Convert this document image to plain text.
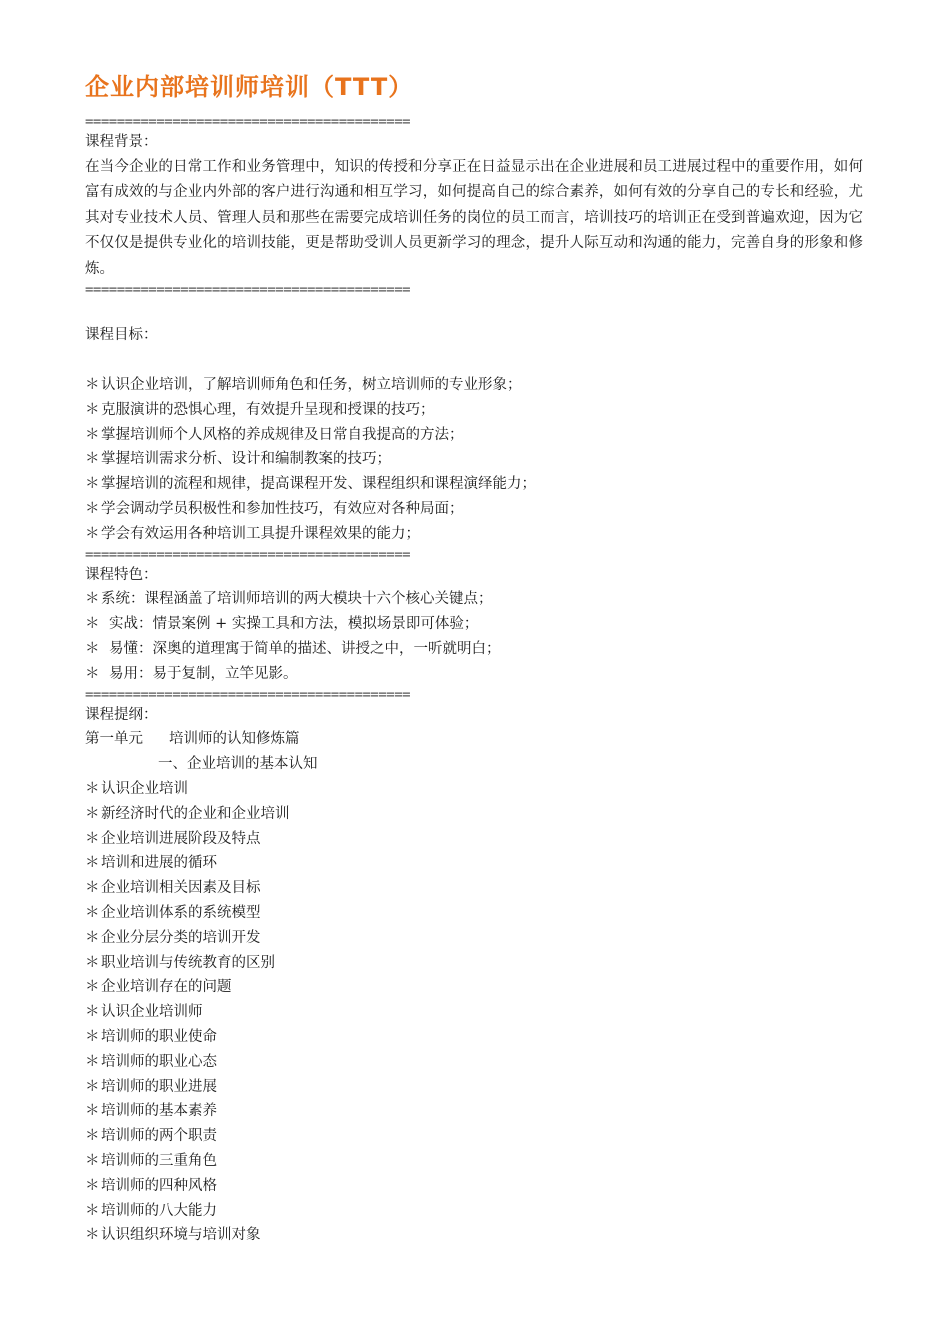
企业内部培训师培训（TTT）
=========================================
课程背景：
在当今企业的日常工作和业务管理中，知识的传授和分享正在日益显示出在企业进展和员工进展过程中的重要作用，如何富有成效的与企业内外部的客户进行沟通和相互学习，如何提高自己的综合素养，如何有效的分享自己的专长和经验，尤其对专业技术人员、管理人员和那些在需要完成培训任务的岗位的员工而言，培训技巧的培训正在受到普遍欢迎，因为它不仅仅是提供专业化的培训技能，更是帮助受训人员更新学习的理念，提升人际互动和沟通的能力，完善自身的形象和修炼。
=========================================
课程目标：
＊ 认识企业培训，了解培训师角色和任务，树立培训师的专业形象；
＊ 克服演讲的恐惧心理，有效提升呈现和授课的技巧；
＊ 掌握培训师个人风格的养成规律及日常自我提高的方法；
＊ 掌握培训需求分析、设计和编制教案的技巧；
＊ 掌握培训的流程和规律，提高课程开发、课程组织和课程演绎能力；
＊ 学会调动学员积极性和参加性技巧，有效应对各种局面；
＊ 学会有效运用各种培训工具提升课程效果的能力；
=========================================
课程特色：
＊ 系统：课程涵盖了培训师培训的两大模块十六个核心关键点；
＊ 实战：情景案例 + 实操工具和方法，模拟场景即可体验；
＊ 易懂：深奥的道理寓于简单的描述、讲授之中，一听就明白；
＊ 易用：易于复制，立竿见影。
=========================================
课程提纲：
第一单元 培训师的认知修炼篇
一、企业培训的基本认知
＊ 认识企业培训
＊ 新经济时代的企业和企业培训
＊ 企业培训进展阶段及特点
＊ 培训和进展的循环
＊ 企业培训相关因素及目标
＊ 企业培训体系的系统模型
＊ 企业分层分类的培训开发
＊ 职业培训与传统教育的区别
＊ 企业培训存在的问题
＊ 认识企业培训师
＊ 培训师的职业使命
＊ 培训师的职业心态
＊ 培训师的职业进展
＊ 培训师的基本素养
＊ 培训师的两个职责
＊ 培训师的三重角色
＊ 培训师的四种风格
＊ 培训师的八大能力
＊ 认识组织环境与培训对象
